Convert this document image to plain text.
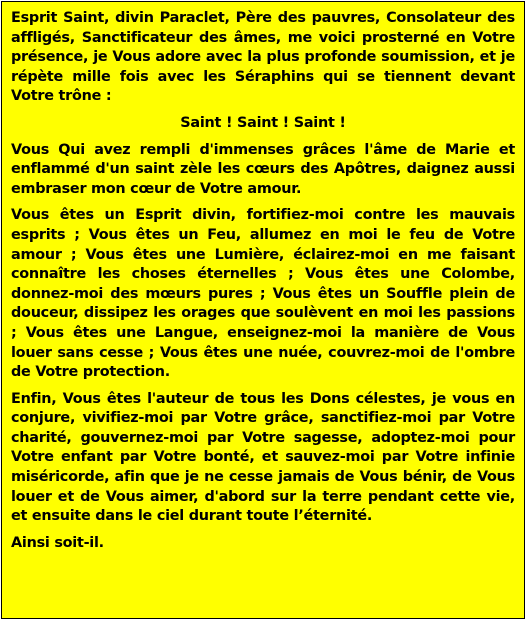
Esprit Saint, divin Paraclet, Père des pauvres, Consolateur des affligés, Sanctificateur des âmes, me voici prosterné en Votre présence, je Vous adore avec la plus profonde soumission, et je répète mille fois avec les Séraphins qui se tiennent devant Votre trône :

Saint ! Saint ! Saint !

Vous Qui avez rempli d'immenses grâces l'âme de Marie et enflammé d'un saint zèle les cœurs des Apôtres, daignez aussi embraser mon cœur de Votre amour.

Vous êtes un Esprit divin, fortifiez-moi contre les mauvais esprits ; Vous êtes un Feu, allumez en moi le feu de Votre amour ; Vous êtes une Lumière, éclairez-moi en me faisant connaître les choses éternelles ; Vous êtes une Colombe, donnez-moi des mœurs pures ; Vous êtes un Souffle plein de douceur, dissipez les orages que soulèvent en moi les passions ; Vous êtes une Langue, enseignez-moi la manière de Vous louer sans cesse ; Vous êtes une nuée, couvrez-moi de l'ombre de Votre protection.

Enfin, Vous êtes l'auteur de tous les Dons célestes, je vous en conjure, vivifiez-moi par Votre grâce, sanctifiez-moi par Votre charité, gouvernez-moi par Votre sagesse, adoptez-moi pour Votre enfant par Votre bonté, et sauvez-moi par Votre infinie miséricorde, afin que je ne cesse jamais de Vous bénir, de Vous louer et de Vous aimer, d'abord sur la terre pendant cette vie, et ensuite dans le ciel durant toute l’éternité.

Ainsi soit-il.
